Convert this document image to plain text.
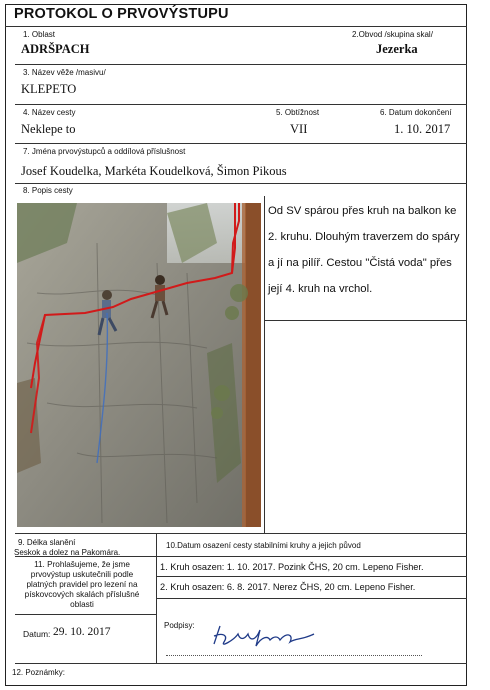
PROTOKOL O PRVOVÝSTUPU
1. Oblast
ADRŠPACH
2.Obvod /skupina skal/
Jezerka
3. Název věže /masivu/
KLEPETO
4. Název cesty
Neklepe to
5. Obtížnost
VII
6. Datum dokončení
1. 10. 2017
7. Jména prvovýstupců a oddílová příslušnost
Josef Koudelka, Markéta Koudelková, Šimon Pikous
8. Popis cesty
Od SV spárou přes kruh na balkon ke 2. kruhu. Dlouhým traverzem do spáry a jí na pilíř. Cestou "Čistá voda" přes její 4. kruh na vrchol.
9. Délka slanění
Seskok a dolez na Pakomára.
10.Datum osazení cesty stabilními kruhy a jejich původ
1. Kruh osazen: 1. 10. 2017. Pozink ČHS, 20 cm. Lepeno Fisher.
2. Kruh osazen: 6. 8. 2017. Nerez ČHS, 20 cm. Lepeno Fisher.
11. Prohlašujeme, že jsme prvovýstup uskutečnili podle platných pravidel pro lezení na pískovcových skalách příslušné oblasti
Datum: 29. 10. 2017
Podpisy:
12. Poznámky:
